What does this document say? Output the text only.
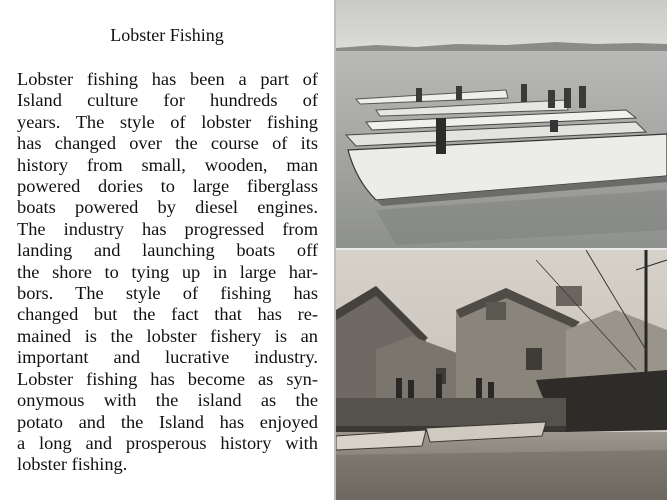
Lobster Fishing
Lobster fishing has been a part of
Island culture for hundreds of
years. The style of lobster fishing
has changed over the course of its
history from small, wooden, man
powered dories to large fiberglass
boats powered by diesel engines.
The industry has progressed from
landing and launching boats off
the shore to tying up in large har-
bors. The style of fishing has
changed but the fact that has re-
mained is the lobster fishery is an
important and lucrative industry.
Lobster fishing has become as syn-
onymous with the island as the
potato and the Island has enjoyed
a long and prosperous history with
lobster fishing.
